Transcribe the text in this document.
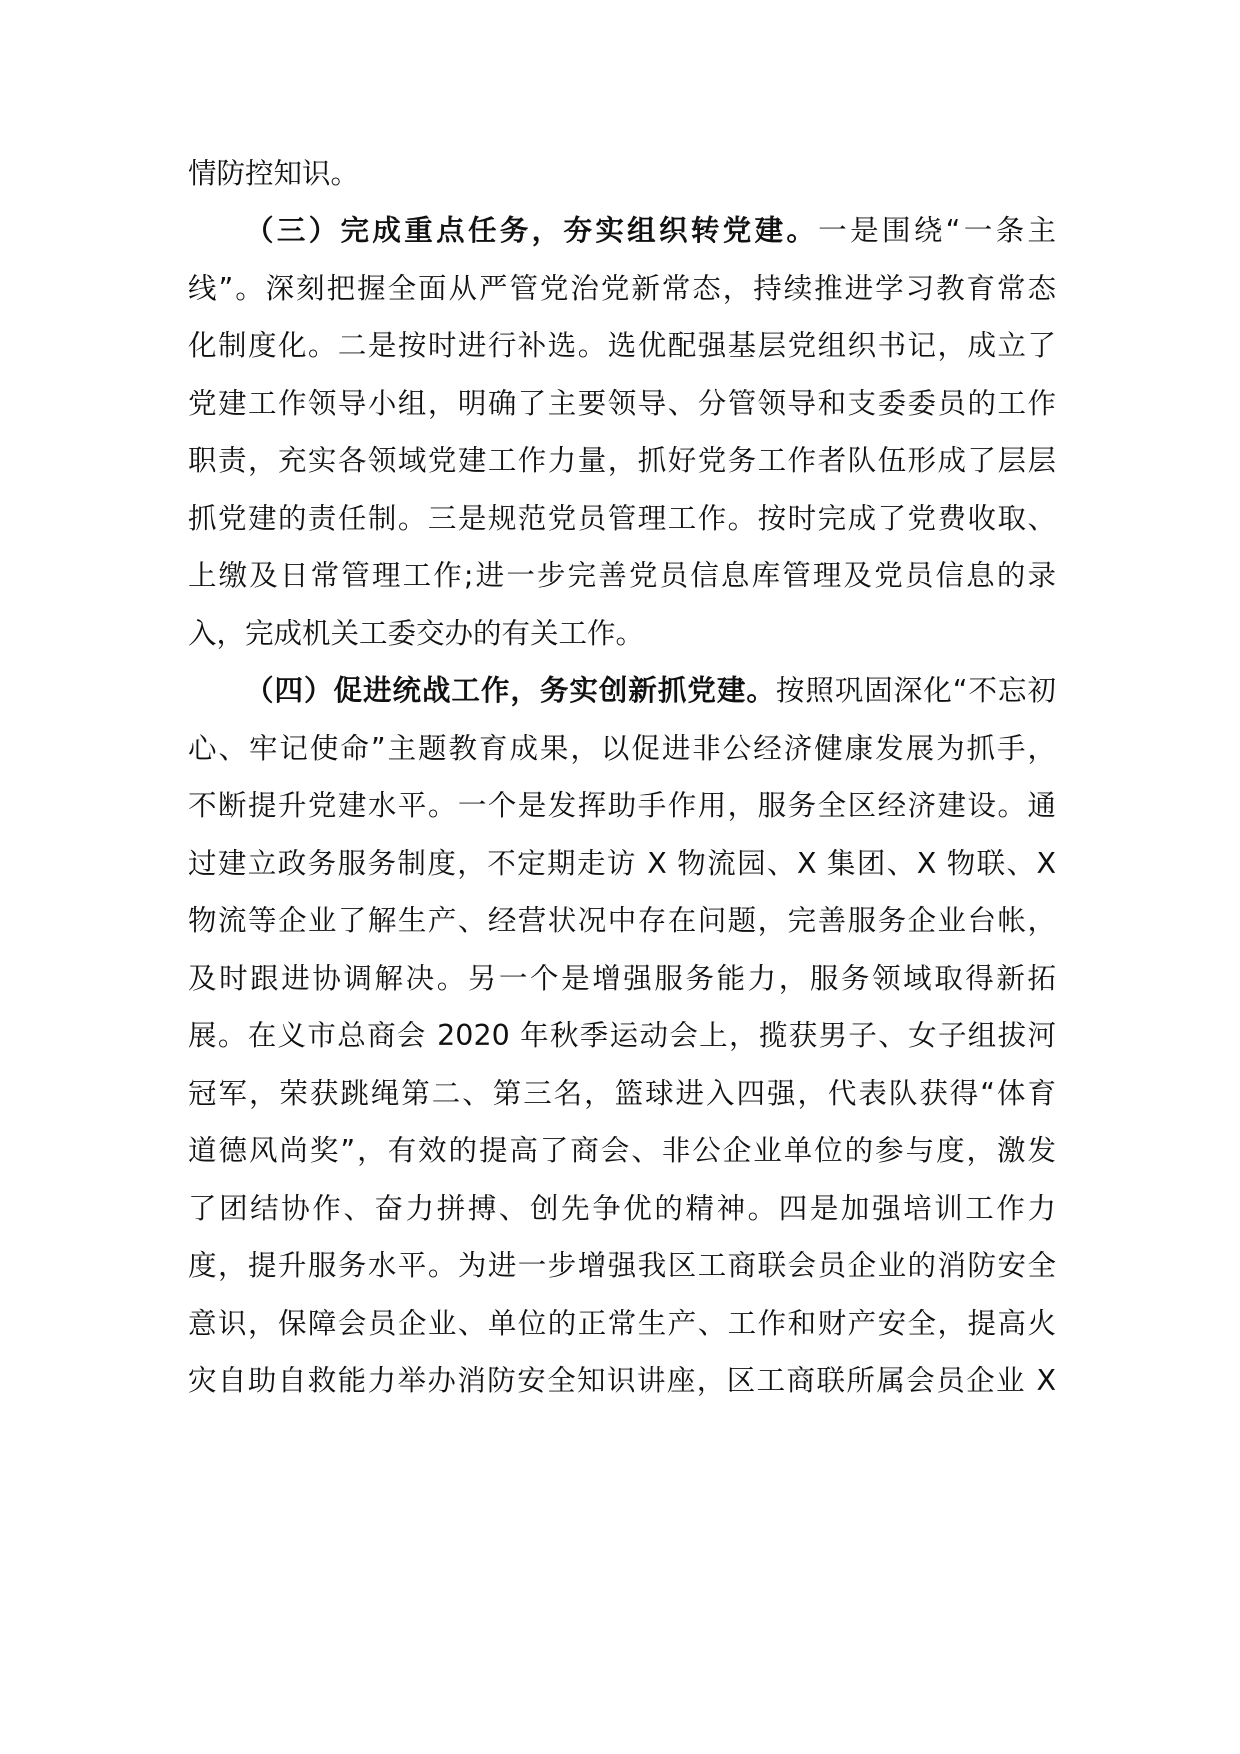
情防控知识。
（三）完成重点任务，夯实组织转党建。一是围绕“一条主
线”。深刻把握全面从严管党治党新常态，持续推进学习教育常态
化制度化。二是按时进行补选。选优配强基层党组织书记，成立了
党建工作领导小组，明确了主要领导、分管领导和支委委员的工作
职责，充实各领域党建工作力量，抓好党务工作者队伍形成了层层
抓党建的责任制。三是规范党员管理工作。按时完成了党费收取、
上缴及日常管理工作;进一步完善党员信息库管理及党员信息的录
入，完成机关工委交办的有关工作。
（四）促进统战工作，务实创新抓党建。按照巩固深化“不忘初
心、牢记使命”主题教育成果，以促进非公经济健康发展为抓手，
不断提升党建水平。一个是发挥助手作用，服务全区经济建设。通
过建立政务服务制度，不定期走访 X 物流园、X 集团、X 物联、X
物流等企业了解生产、经营状况中存在问题，完善服务企业台帐，
及时跟进协调解决。另一个是增强服务能力，服务领域取得新拓
展。在义市总商会 2020 年秋季运动会上，揽获男子、女子组拔河
冠军，荣获跳绳第二、第三名，篮球进入四强，代表队获得“体育
道德风尚奖”，有效的提高了商会、非公企业单位的参与度，激发
了团结协作、奋力拼搏、创先争优的精神。四是加强培训工作力
度，提升服务水平。为进一步增强我区工商联会员企业的消防安全
意识，保障会员企业、单位的正常生产、工作和财产安全，提高火
灾自助自救能力举办消防安全知识讲座，区工商联所属会员企业 X
